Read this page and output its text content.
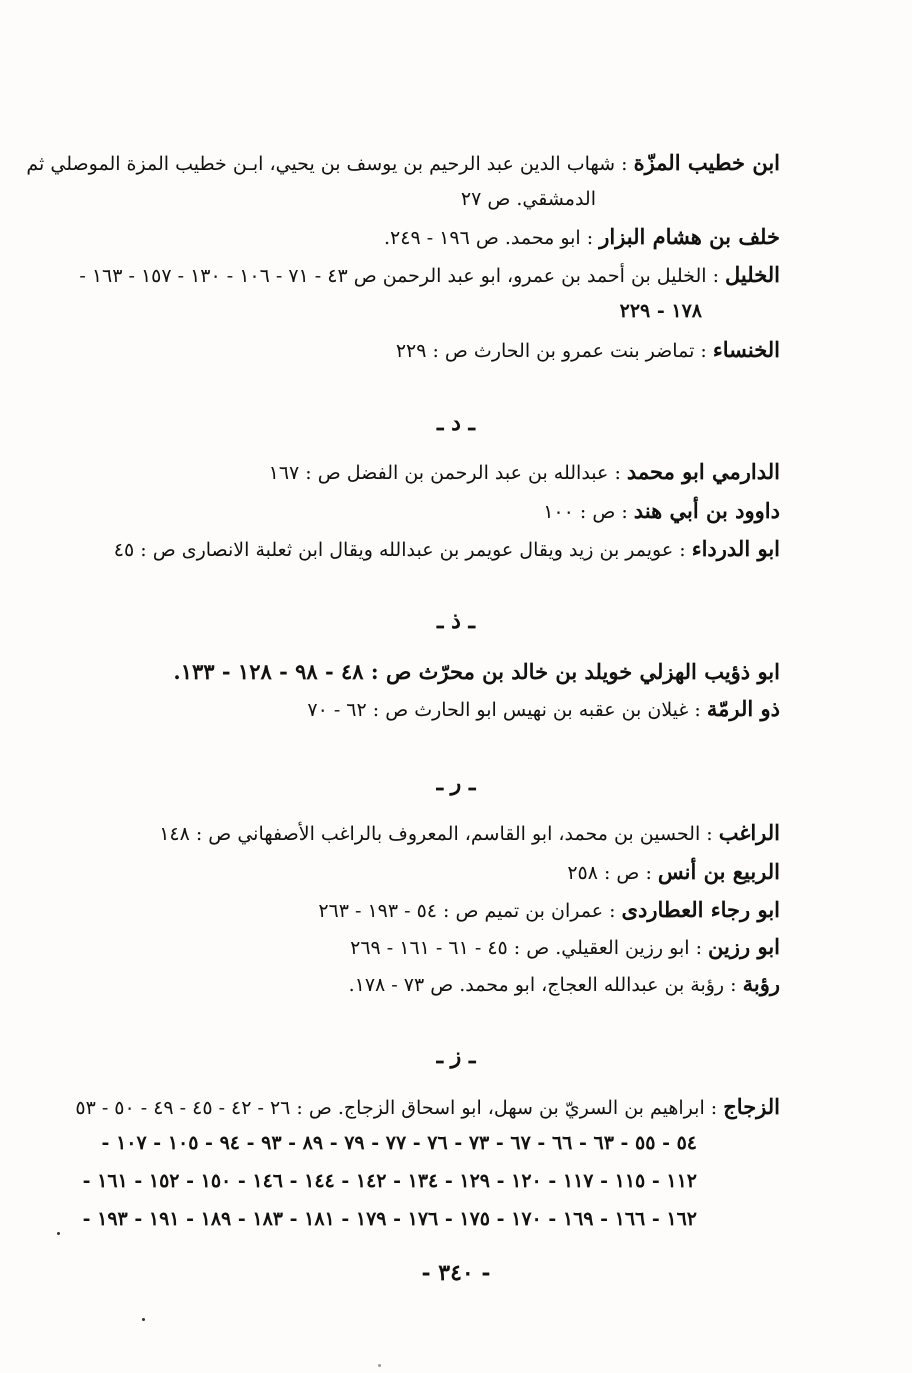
ابن خطيب المزّة : شهاب الدين عبد الرحيم بن يوسف بن يحيي، ابـن خطيب المزة الموصلي ثم
الدمشقي. ص ٢٧
خلف بن هشام البزار : ابو محمد. ص ١٩٦ - ٢٤٩.
الخليل : الخليل بن أحمد بن عمرو، ابو عبد الرحمن ص ٤٣ - ٧١ - ١٠٦ - ١٣٠ - ١٥٧ - ١٦٣ -
١٧٨ - ٢٢٩
الخنساء : تماضر بنت عمرو بن الحارث ص : ٢٢٩
ـ د ـ
الدارمي ابو محمد : عبدالله بن عبد الرحمن بن الفضل ص : ١٦٧
داوود بن أبي هند : ص : ١٠٠
ابو الدرداء : عويمر بن زيد ويقال عويمر بن عبدالله ويقال ابن ثعلبة الانصارى ص : ٤٥
ـ ذ ـ
ابو ذؤيب الهزلي خويلد بن خالد بن محرّث ص : ٤٨ - ٩٨ - ١٢٨ - ١٣٣.
ذو الرمّة : غيلان بن عقبه بن نهيس ابو الحارث ص : ٦٢ - ٧٠
ـ ر ـ
الراغب : الحسين بن محمد، ابو القاسم، المعروف بالراغب الأصفهاني ص : ١٤٨
الربيع بن أنس : ص : ٢٥٨
ابو رجاء العطاردى : عمران بن تميم ص : ٥٤ - ١٩٣ - ٢٦٣
ابو رزين : ابو رزين العقيلي. ص : ٤٥ - ٦١ - ١٦١ - ٢٦٩
رؤبة : رؤبة بن عبدالله العجاج، ابو محمد. ص ٧٣ - ١٧٨.
ـ ز ـ
الزجاج : ابراهيم بن السريّ بن سهل، ابو اسحاق الزجاج. ص : ٢٦ - ٤٢ - ٤٥ - ٤٩ - ٥٠ - ٥٣
٥٤ - ٥٥ - ٦٣ - ٦٦ - ٦٧ - ٧٣ - ٧٦ - ٧٧ - ٧٩ - ٨٩ - ٩٣ - ٩٤ - ١٠٥ - ١٠٧ -
١١٢ - ١١٥ - ١١٧ - ١٢٠ - ١٢٩ - ١٣٤ - ١٤٢ - ١٤٤ - ١٤٦ - ١٥٠ - ١٥٢ - ١٦١ -
١٦٢ - ١٦٦ - ١٦٩ - ١٧٠ - ١٧٥ - ١٧٦ - ١٧٩ - ١٨١ - ١٨٣ - ١٨٩ - ١٩١ - ١٩٣ -
- ٣٤٠ -
